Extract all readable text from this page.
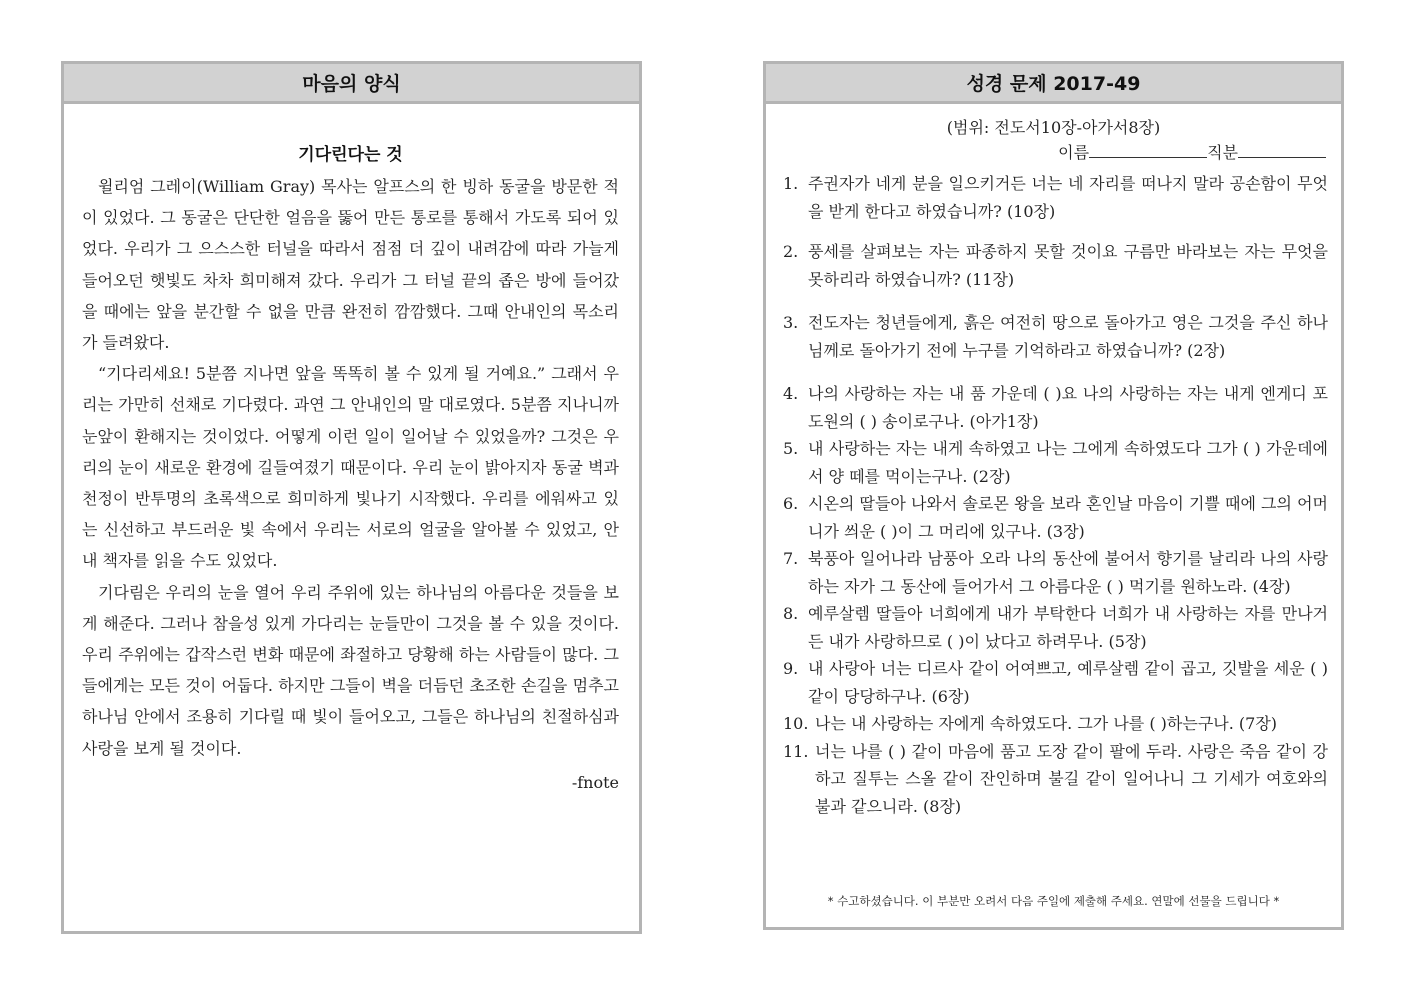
마음의 양식
기다린다는 것

윌리엄 그레이(William Gray) 목사는 알프스의 한 빙하 동굴을 방문한 적이 있었다. 그 동굴은 단단한 얼음을 뚫어 만든 통로를 통해서 가도록 되어 있었다. 우리가 그 으스스한 터널을 따라서 점점 더 깊이 내려감에 따라 가늘게 들어오던 햇빛도 차차 희미해져 갔다. 우리가 그 터널 끝의 좁은 방에 들어갔을 때에는 앞을 분간할 수 없을 만큼 완전히 깜깜했다. 그때 안내인의 목소리가 들려왔다.

“기다리세요! 5분쯤 지나면 앞을 똑똑히 볼 수 있게 될 거예요.” 그래서 우리는 가만히 선채로 기다렸다. 과연 그 안내인의 말 대로였다. 5분쯤 지나니까 눈앞이 환해지는 것이었다. 어떻게 이런 일이 일어날 수 있었을까? 그것은 우리의 눈이 새로운 환경에 길들여졌기 때문이다. 우리 눈이 밝아지자 동굴 벽과 천정이 반투명의 초록색으로 희미하게 빛나기 시작했다. 우리를 에워싸고 있는 신선하고 부드러운 빛 속에서 우리는 서로의 얼굴을 알아볼 수 있었고, 안내 책자를 읽을 수도 있었다.

기다림은 우리의 눈을 열어 우리 주위에 있는 하나님의 아름다운 것들을 보게 해준다. 그러나 참을성 있게 가다리는 눈들만이 그것을 볼 수 있을 것이다. 우리 주위에는 갑작스런 변화 때문에 좌절하고 당황해 하는 사람들이 많다. 그들에게는 모든 것이 어둡다. 하지만 그들이 벽을 더듬던 초조한 손길을 멈추고 하나님 안에서 조용히 기다릴 때 빛이 들어오고, 그들은 하나님의 친절하심과 사랑을 보게 될 것이다.

-fnote

성경 문제 2017-49
(범위: 전도서10장-아가서8장)
이름	직분
1. 주권자가 네게 분을 일으키거든 너는 네 자리를 떠나지 말라 공손함이 무엇을 받게 한다고 하였습니까? (10장)
2. 풍세를 살펴보는 자는 파종하지 못할 것이요 구름만 바라보는 자는 무엇을 못하리라 하였습니까? (11장)
3. 전도자는 청년들에게, 흙은 여전히 땅으로 돌아가고 영은 그것을 주신 하나님께로 돌아가기 전에 누구를 기억하라고 하였습니까? (2장)
4. 나의 사랑하는 자는 내 품 가운데 ( )요 나의 사랑하는 자는 내게 엔게디 포도원의 ( ) 송이로구나. (아가1장)
5. 내 사랑하는 자는 내게 속하였고 나는 그에게 속하였도다 그가 ( ) 가운데에서 양 떼를 먹이는구나. (2장)
6. 시온의 딸들아 나와서 솔로몬 왕을 보라 혼인날 마음이 기쁠 때에 그의 어머니가 씌운 ( )이 그 머리에 있구나. (3장)
7. 북풍아 일어나라 남풍아 오라 나의 동산에 불어서 향기를 날리라 나의 사랑하는 자가 그 동산에 들어가서 그 아름다운 ( ) 먹기를 원하노라. (4장)
8. 예루살렘 딸들아 너희에게 내가 부탁한다 너희가 내 사랑하는 자를 만나거든 내가 사랑하므로 ( )이 났다고 하려무나. (5장)
9. 내 사랑아 너는 디르사 같이 어여쁘고, 예루살렘 같이 곱고, 깃발을 세운 ( )같이 당당하구나. (6장)
10. 나는 내 사랑하는 자에게 속하였도다. 그가 나를 ( )하는구나. (7장)
11. 너는 나를 ( ) 같이 마음에 품고 도장 같이 팔에 두라. 사랑은 죽음 같이 강하고 질투는 스올 같이 잔인하며 불길 같이 일어나니 그 기세가 여호와의 불과 같으니라. (8장)
* 수고하셨습니다. 이 부분만 오려서 다음 주일에 제출해 주세요. 연말에 선물을 드립니다 *
